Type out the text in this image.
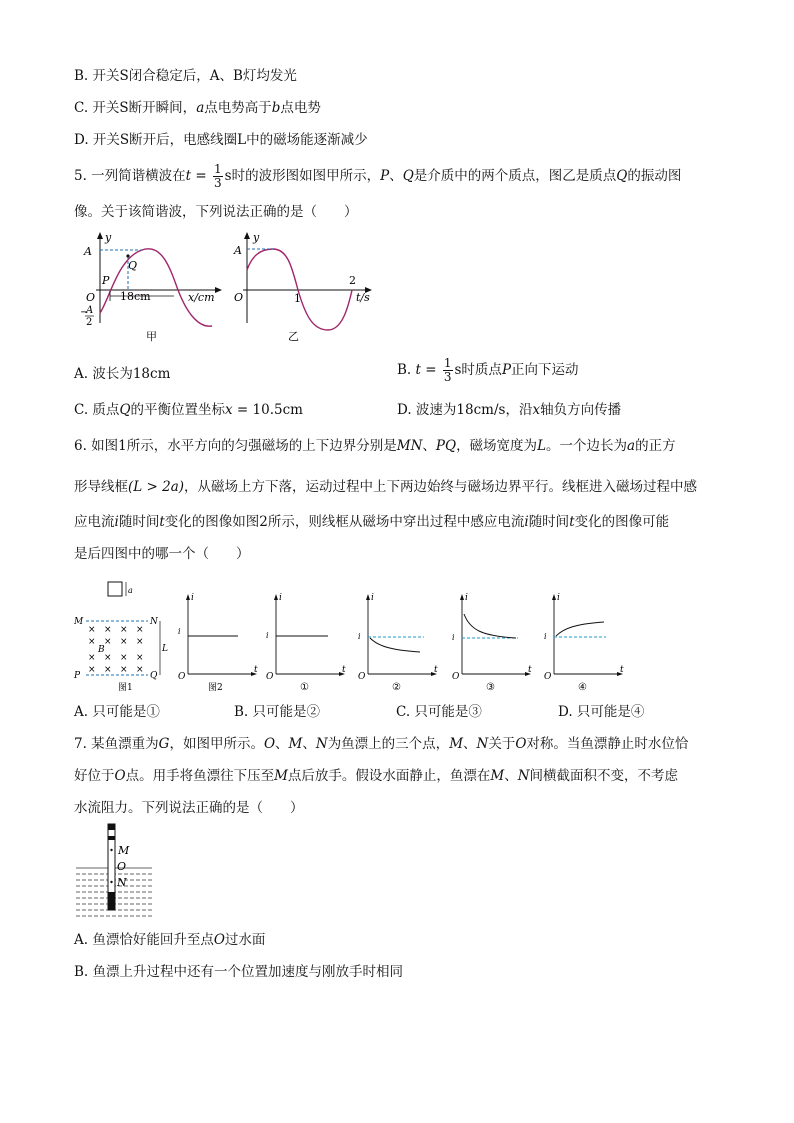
B. 开关S闭合稳定后，A、B灯均发光
C. 开关S断开瞬间，a点电势高于b点电势
D. 开关S断开后，电感线圈L中的磁场能逐渐减少
5. 一列简谐横波在$t = \frac{1}{3}$ s时的波形图如图甲所示，P、Q是介质中的两个质点，图乙是质点Q的振动图
像。关于该简谐波，下列说法正确的是（　　）
y
A
Q
P
O
−
A
2
18cm	x/cm
甲
y
A
O	1
2
t/s
乙
A. 波长为18cm	B. $t = \frac{1}{3}$ s时质点P正向下运动
C. 质点Q的平衡位置坐标x = 10.5cm	D. 波速为18cm/s，沿x轴负方向传播
6. 如图1所示，水平方向的匀强磁场的上下边界分别是MN、PQ，磁场宽度为L。一个边长为a的正方
形导线框(L > 2a)，从磁场上方下落，运动过程中上下两边始终与磁场边界平行。线框进入磁场过程中感
应电流i随时间t变化的图像如图2所示，则线框从磁场中穿出过程中感应电流i随时间t变化的图像可能
是后四图中的哪一个（　　）
a
M	N
P	Q
L
B
× × × ×
× × × ×
× × × ×
× × × ×
图1
i
i
O
t
图2
i
i
O
t
①
i
i
O
t
②
i
i
O
t
③
i
i
O
t
④
A. 只可能是①	B. 只可能是②	C. 只可能是③	D. 只可能是④
7. 某鱼漂重为G，如图甲所示。O、M、N为鱼漂上的三个点，M、N关于O对称。当鱼漂静止时水位恰
好位于O点。用手将鱼漂往下压至M点后放手。假设水面静止，鱼漂在M、N间横截面积不变，不考虑
水流阻力。下列说法正确的是（　　）
M
O
N
A. 鱼漂恰好能回升至点O过水面
B. 鱼漂上升过程中还有一个位置加速度与刚放手时相同
